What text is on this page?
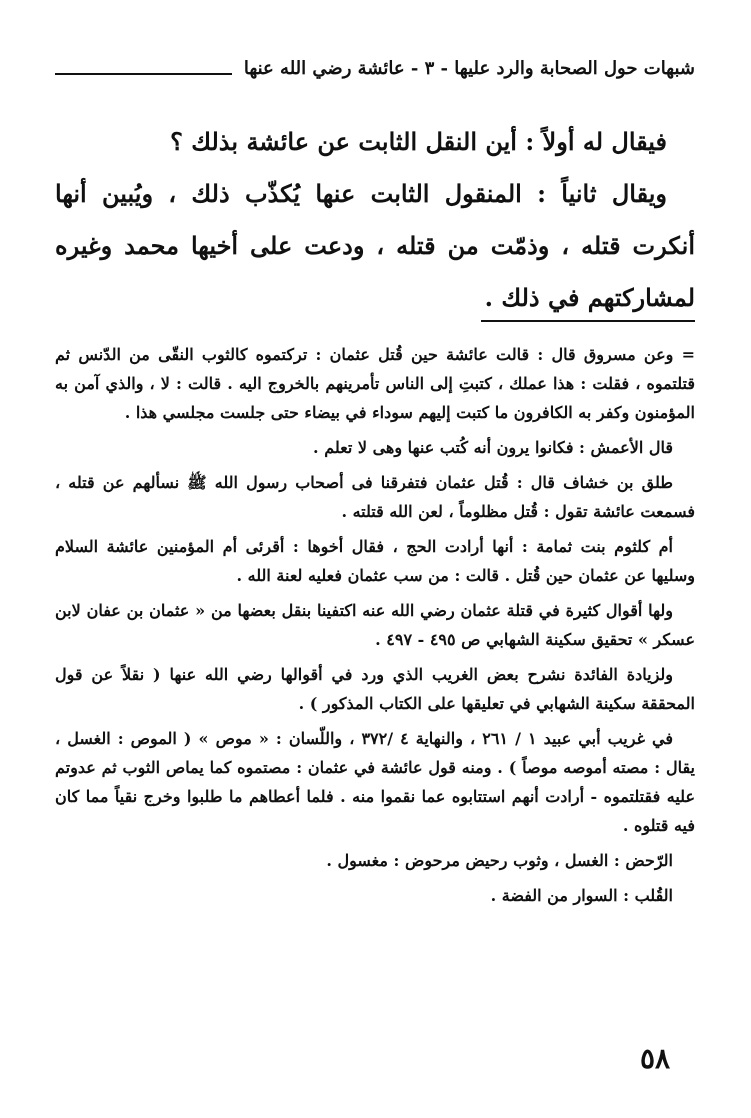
شبهات حول الصحابة والرد عليها - ٣ - عائشة رضي الله عنها

فيقال له أولاً : أين النقل الثابت عن عائشة بذلك ؟

ويقال ثانياً : المنقول الثابت عنها يُكذّب ذلك ، ويُبين أنها أنكرت قتله ، وذمّت من قتله ، ودعت على أخيها محمد وغيره لمشاركتهم في ذلك .

= وعن مسروق قال : قالت عائشة حين قُتل عثمان : تركتموه كالثوب النقّى من الدّنس ثم قتلتموه ، فقلت : هذا عملك ، كتبتِ إلى الناس تأمرينهم بالخروج اليه . قالت : لا ، والذي آمن به المؤمنون وكفر به الكافرون ما كتبت إليهم سوداء في بيضاء حتى جلست مجلسي هذا .

قال الأعمش : فكانوا يرون أنه كُتب عنها وهى لا تعلم .

طلق بن خشاف قال : قُتل عثمان فتفرقنا فى أصحاب رسول الله ﷺ نسألهم عن قتله ، فسمعت عائشة تقول : قُتل مظلوماً ، لعن الله قتلته .

أم كلثوم بنت ثمامة : أنها أرادت الحج ، فقال أخوها : أقرئى أم المؤمنين عائشة السلام وسليها عن عثمان حين قُتل . قالت : من سب عثمان فعليه لعنة الله .

ولها أقوال كثيرة في قتلة عثمان رضي الله عنه اكتفينا بنقل بعضها من « عثمان بن عفان لابن عسكر » تحقيق سكينة الشهابي ص ٤٩٥ - ٤٩٧ .

ولزيادة الفائدة نشرح بعض الغريب الذي ورد في أقوالها رضي الله عنها ( نقلاً عن قول المحققة سكينة الشهابي في تعليقها على الكتاب المذكور ) .

في غريب أبي عبيد ١ / ٢٦١ ، والنهاية ٤ /٣٧٢ ، واللّسان : « موص » ( الموص : الغسل ، يقال : مصته أموصه موصاً ) . ومنه قول عائشة في عثمان : مصتموه كما يماص الثوب ثم عدوتم عليه فقتلتموه - أرادت أنهم استتابوه عما نقموا منه . فلما أعطاهم ما طلبوا وخرج نقياً مما كان فيه قتلوه .

الرّحض : الغسل ، وثوب رحيض مرحوض : مغسول .

القُلب : السوار من الفضة .

٥٨
